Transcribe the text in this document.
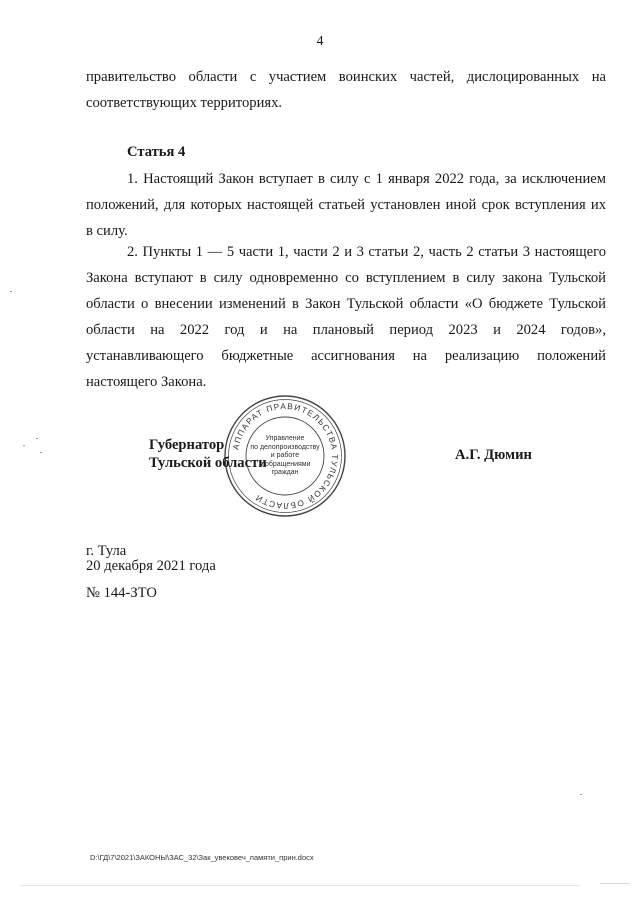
4
правительство области с участием воинских частей, дислоцированных на
соответствующих территориях.
Статья 4
1. Настоящий Закон вступает в силу с 1 января 2022 года, за исключением
положений, для которых настоящей статьей установлен иной срок вступления их
в силу.
2. Пункты 1 — 5 части 1, части 2 и 3 статьи 2, часть 2 статьи 3 настоящего
Закона вступают в силу одновременно со вступлением в силу закона Тульской
области о внесении изменений в Закон Тульской области «О бюджете Тульской
области на 2022 год и на плановый период 2023 и 2024 годов»,
устанавливающего бюджетные ассигнования на реализацию положений
настоящего Закона.
АППАРАТ ПРАВИТЕЛЬСТВА ТУЛЬСКОЙ ОБЛАСТИ
Управление
по делопроизводству
и работе
с обращениями
граждан
Губернатор
Тульской области	А.Г. Дюмин
г. Тула
20 декабря 2021 года
№ 144-ЗТО
D:\ГД\7\2021\ЗАКОНЫ\ЗАС_32\Зак_увековеч_памяти_прин.docx
